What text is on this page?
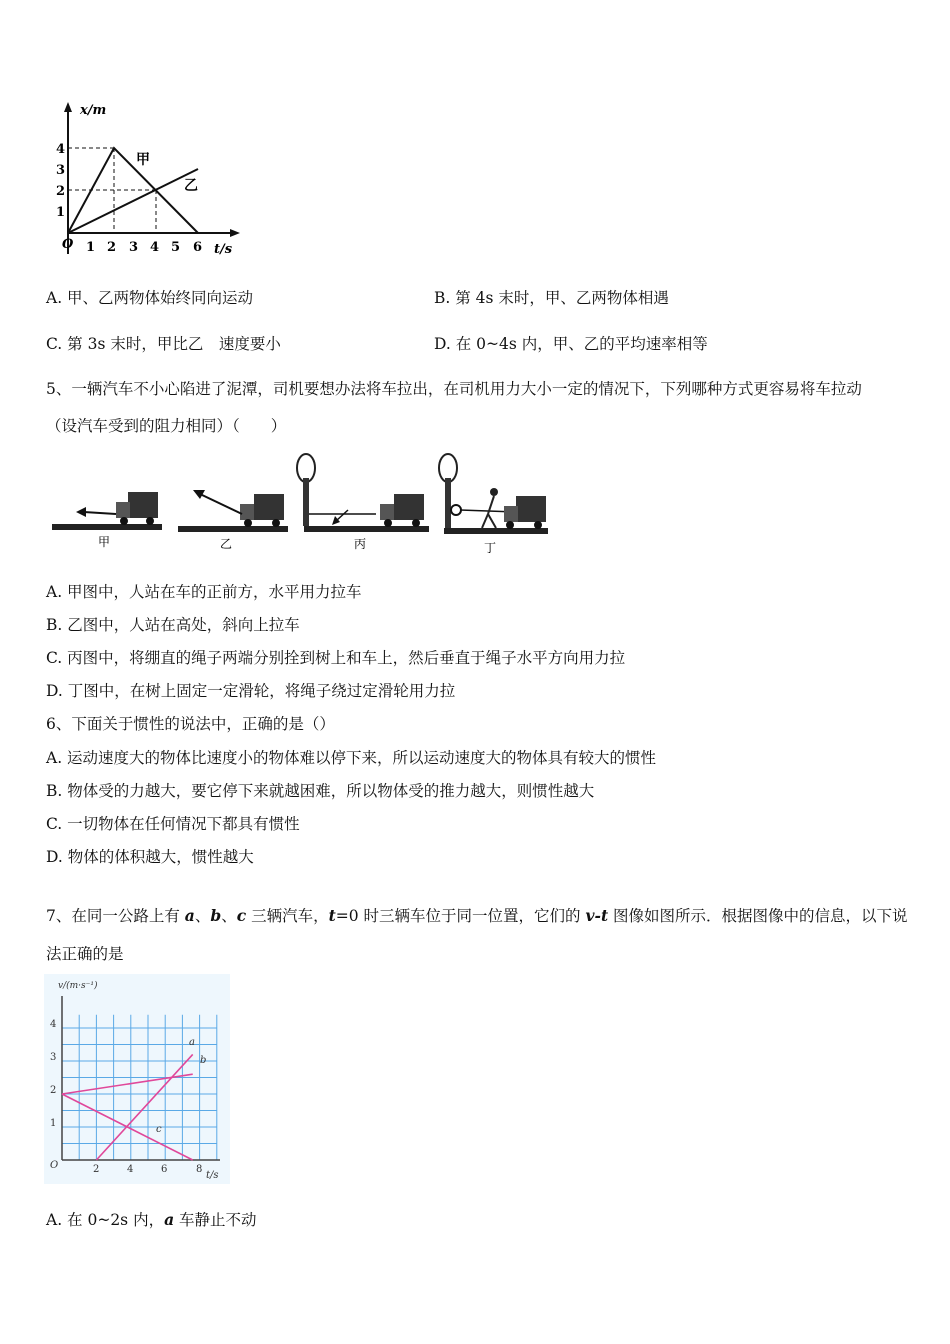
x/m
t/s
O
1
2
3
4
1 2 3 4 5 6
甲
乙
A. 甲、乙两物体始终同向运动	B. 第 4s 末时，甲、乙两物体相遇
C. 第 3s 末时，甲比乙　速度要小	D. 在 0~4s 内，甲、乙的平均速率相等
5、一辆汽车不小心陷进了泥潭，司机要想办法将车拉出，在司机用力大小一定的情况下，下列哪种方式更容易将车拉动
（设汽车受到的阻力相同）（　　）
甲	乙	丙	丁
A. 甲图中，人站在车的正前方，水平用力拉车
B. 乙图中，人站在高处，斜向上拉车
C. 丙图中，将绷直的绳子两端分别拴到树上和车上，然后垂直于绳子水平方向用力拉
D. 丁图中，在树上固定一定滑轮，将绳子绕过定滑轮用力拉
6、下面关于惯性的说法中，正确的是（）
A. 运动速度大的物体比速度小的物体难以停下来，所以运动速度大的物体具有较大的惯性
B. 物体受的力越大，要它停下来就越困难，所以物体受的推力越大，则惯性越大
C. 一切物体在任何情况下都具有惯性
D. 物体的体积越大，惯性越大
7、在同一公路上有 a、b、c 三辆汽车，t=0 时三辆车位于同一位置，它们的 v-t 图像如图所示．根据图像中的信息，以下说
法正确的是
v/(m·s⁻¹)
t/s
O
1
2
3
4
2	4	6	8
a
b
c
A. 在 0~2s 内，a 车静止不动
